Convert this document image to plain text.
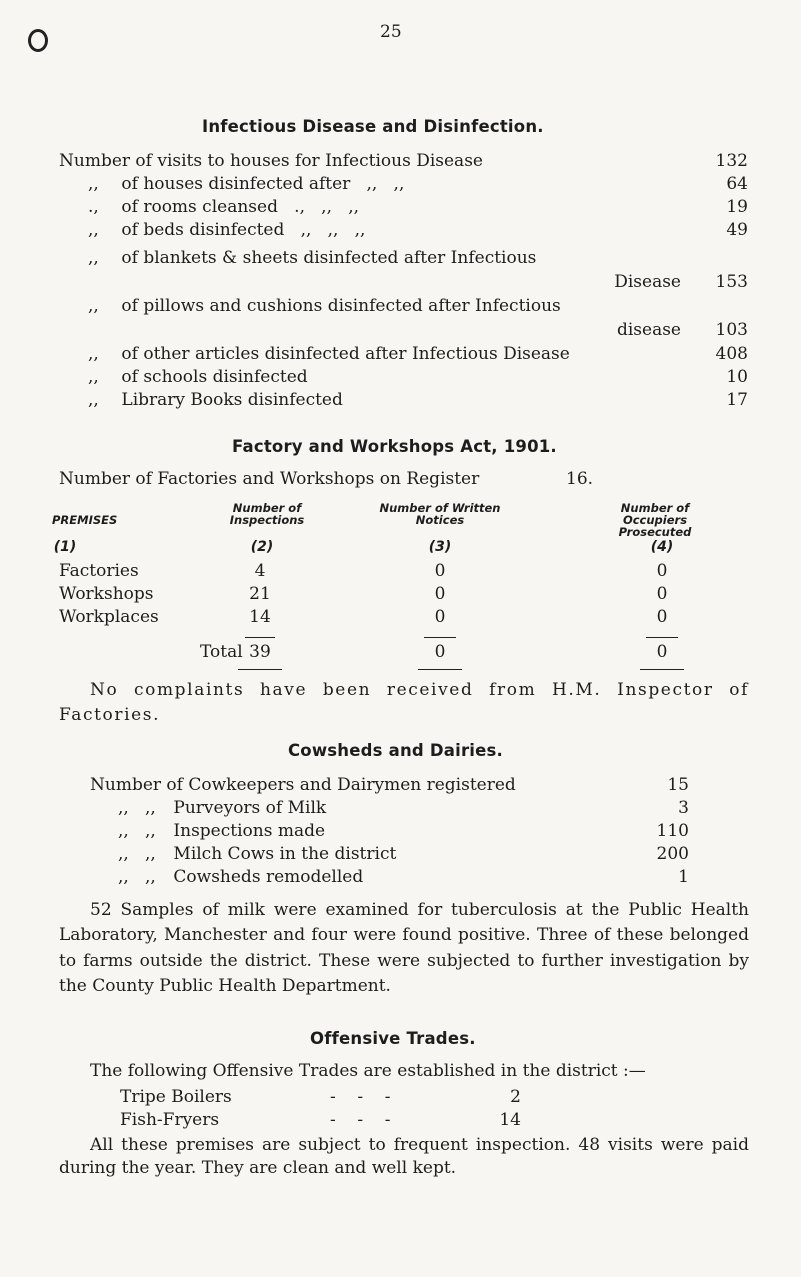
25
Infectious Disease and Disinfection.
Number of visits to houses for Infectious Disease	132
,, of houses disinfected after   ,,   ,,	64
., of rooms cleansed   .,   ,,   ,,	19
,, of beds disinfected   ,,   ,,   ,,	49
,, of blankets & sheets disinfected after Infectious
Disease 153
,, of pillows and cushions disinfected after Infectious
disease 103
,, of other articles disinfected after Infectious Disease	408
,, of schools disinfected	10
,, Library Books disinfected	17
Factory and Workshops Act, 1901.
Number of Factories and Workshops on Register	16.
PREMISES
Number of Inspections
Number of Written Notices
Number of Occupiers Prosecuted
(1)	(2)	(3)	(4)
Factories	4	0	0
Workshops	21	0	0
Workplaces	14	0	0
Total 39	0	0
No complaints have been received from H.M. Inspector of Factories.
Cowsheds and Dairies.
Number of Cowkeepers and Dairymen registered	15
,,   ,, Purveyors of Milk	3
,,   ,, Inspections made	110
,,   ,, Milch Cows in the district	200
,,   ,, Cowsheds remodelled	1
52 Samples of milk were examined for tuberculosis at the Public Health Laboratory, Manchester and four were found positive. Three of these belonged to farms outside the district. These were subjected to further investigation by the County Public Health Department.
Offensive Trades.
The following Offensive Trades are established in the district :—
Tripe Boilers	-    -    -	2
Fish-Fryers	-    -    -	14
All these premises are subject to frequent inspection. 48 visits were paid during the year. They are clean and well kept.
